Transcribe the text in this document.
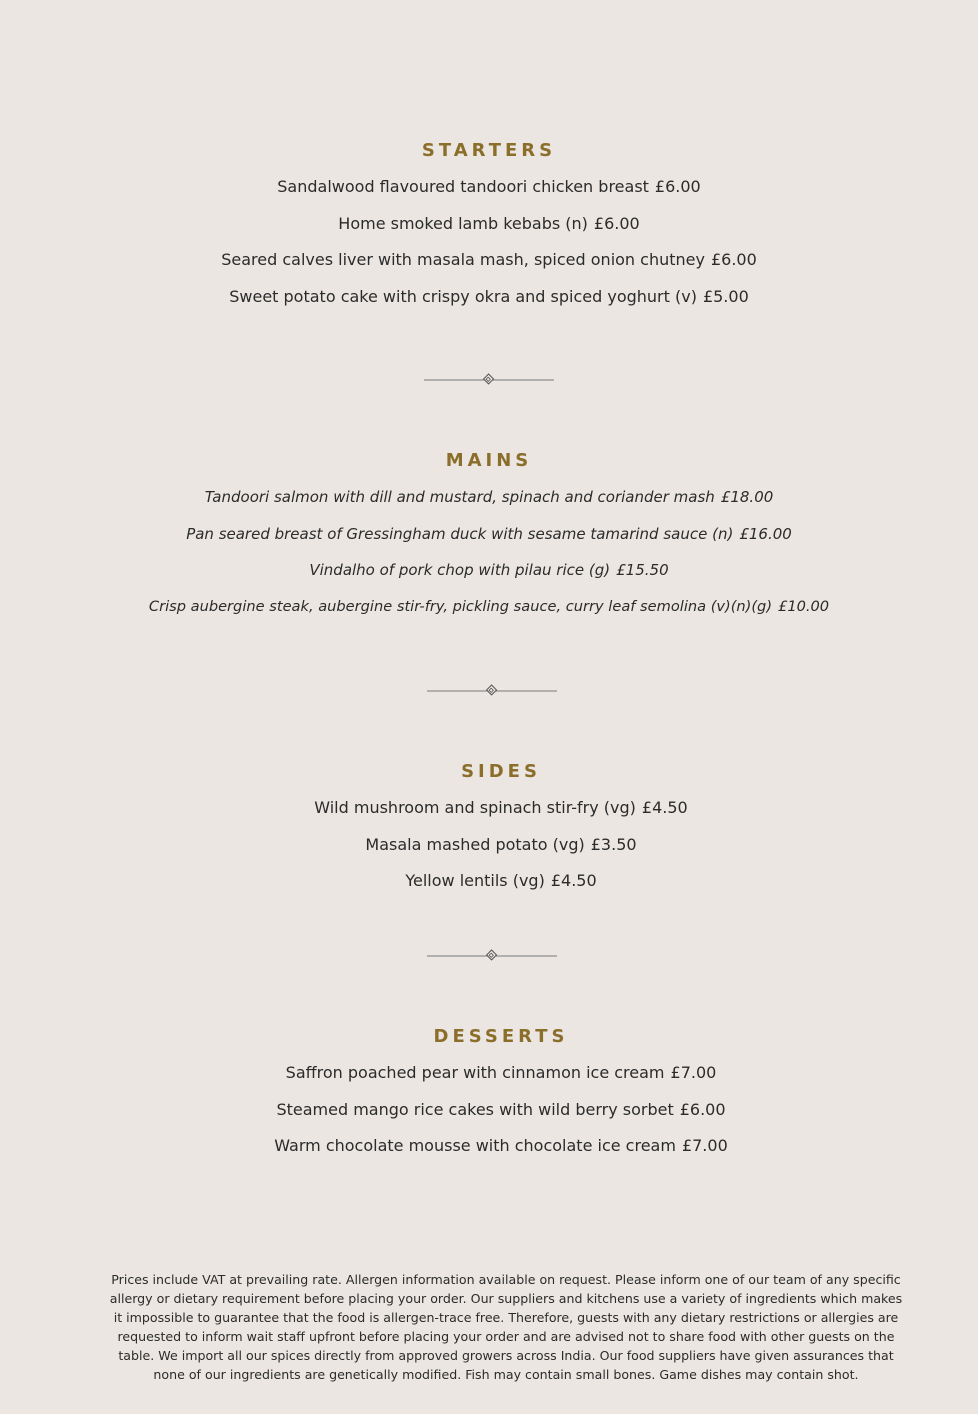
STARTERS
Sandalwood flavoured tandoori chicken breast £6.00
Home smoked lamb kebabs (n) £6.00
Seared calves liver with masala mash, spiced onion chutney £6.00
Sweet potato cake with crispy okra and spiced yoghurt (v) £5.00
MAINS
Tandoori salmon with dill and mustard, spinach and coriander mash £18.00
Pan seared breast of Gressingham duck with sesame tamarind sauce (n) £16.00
Vindalho of pork chop with pilau rice (g) £15.50
Crisp aubergine steak, aubergine stir-fry, pickling sauce, curry leaf semolina (v)(n)(g) £10.00
SIDES
Wild mushroom and spinach stir-fry (vg) £4.50
Masala mashed potato (vg) £3.50
Yellow lentils (vg) £4.50
DESSERTS
Saffron poached pear with cinnamon ice cream £7.00
Steamed mango rice cakes with wild berry sorbet £6.00
Warm chocolate mousse with chocolate ice cream £7.00
Prices include VAT at prevailing rate. Allergen information available on request. Please inform one of our team of any specific
allergy or dietary requirement before placing your order. Our suppliers and kitchens use a variety of ingredients which makes
it impossible to guarantee that the food is allergen-trace free. Therefore, guests with any dietary restrictions or allergies are
requested to inform wait staff upfront before placing your order and are advised not to share food with other guests on the
table. We import all our spices directly from approved growers across India. Our food suppliers have given assurances that
none of our ingredients are genetically modified. Fish may contain small bones. Game dishes may contain shot.
